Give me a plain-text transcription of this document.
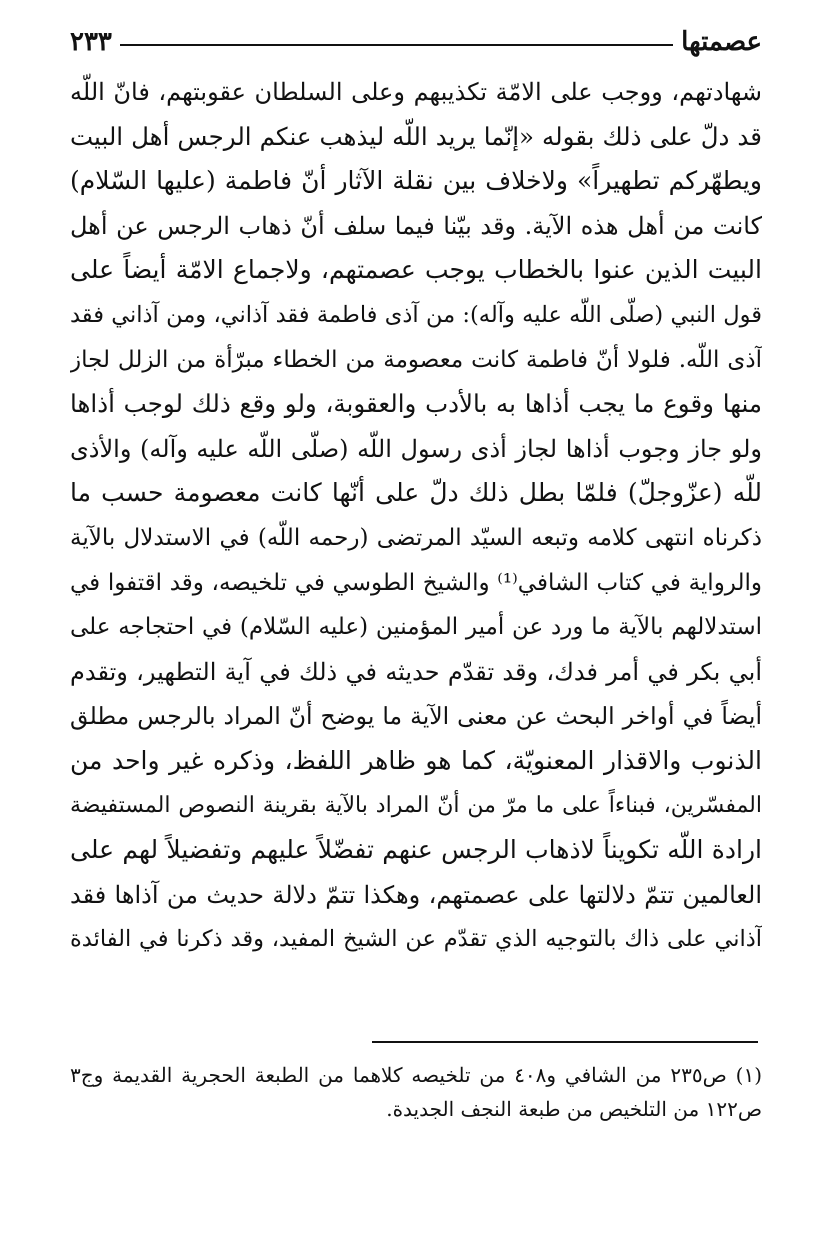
عصمتها
٢٣٣
شهادتهم، ووجب على الامّة تكذيبهم وعلى السلطان عقوبتهم، فانّ اللّه
قد دلّ على ذلك بقوله «إنّما يريد اللّه ليذهب عنكم الرجس أهل البيت
ويطهّركم تطهيراً» ولاخلاف بين نقلة الآثار أنّ فاطمة (عليها السّلام)
كانت من أهل هذه الآية. وقد بيّنا فيما سلف أنّ ذهاب الرجس عن أهل
البيت الذين عنوا بالخطاب يوجب عصمتهم، ولاجماع الامّة أيضاً على
قول النبي (صلّى اللّه عليه وآله): من آذى فاطمة فقد آذاني، ومن آذاني فقد
آذى اللّه. فلولا أنّ فاطمة كانت معصومة من الخطاء مبرّأة من الزلل لجاز
منها وقوع ما يجب أذاها به بالأدب والعقوبة، ولو وقع ذلك لوجب أذاها
ولو جاز وجوب أذاها لجاز أذى رسول اللّه (صلّى اللّه عليه وآله) والأذى
للّه (عزّوجلّ) فلمّا بطل ذلك دلّ على أنّها كانت معصومة حسب ما
ذكرناه انتهى كلامه وتبعه السيّد المرتضى (رحمه اللّه) في الاستدلال بالآية
والرواية في كتاب الشافي⁽¹⁾ والشيخ الطوسي في تلخيصه، وقد اقتفوا في
استدلالهم بالآية ما ورد عن أمير المؤمنين (عليه السّلام) في احتجاجه على
أبي بكر في أمر فدك، وقد تقدّم حديثه في ذلك في آية التطهير، وتقدم
أيضاً في أواخر البحث عن معنى الآية ما يوضح أنّ المراد بالرجس مطلق
الذنوب والاقذار المعنويّة، كما هو ظاهر اللفظ، وذكره غير واحد من
المفسّرين، فبناءاً على ما مرّ من أنّ المراد بالآية بقرينة النصوص المستفيضة
ارادة اللّه تكويناً لاذهاب الرجس عنهم تفضّلاً عليهم وتفضيلاً لهم على
العالمين تتمّ دلالتها على عصمتهم، وهكذا تتمّ دلالة حديث من آذاها فقد
آذاني على ذاك بالتوجيه الذي تقدّم عن الشيخ المفيد، وقد ذكرنا في الفائدة
(١) ص٢٣٥ من الشافي و٤٠٨ من تلخيصه كلاهما من الطبعة الحجرية القديمة وج٣
ص١٢٢ من التلخيص من طبعة النجف الجديدة.
